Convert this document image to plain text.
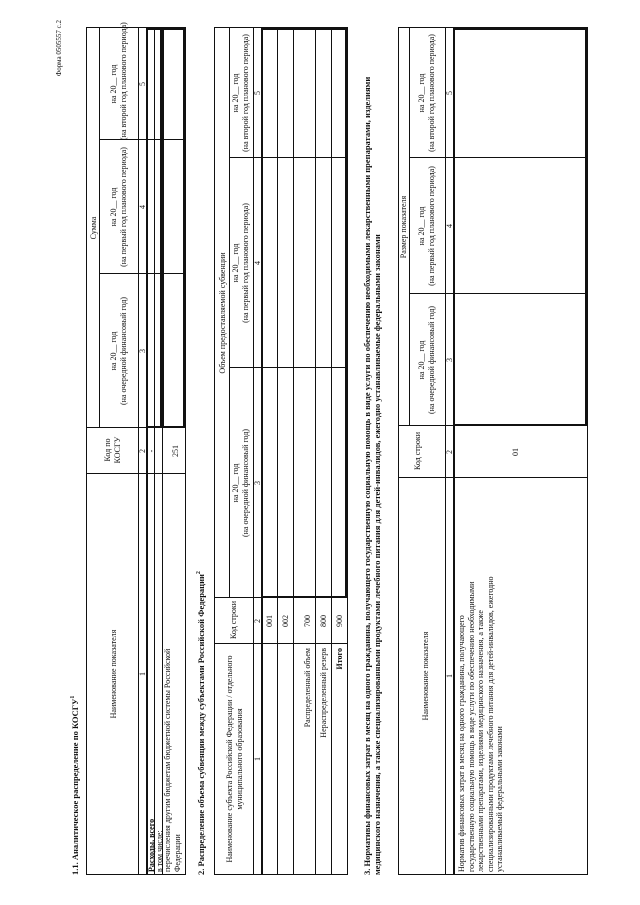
Форма 0505557 с.2
1.1. Аналитическое распределение по КОСГУ$^1$	Наименование показателя
Код по КОСГУ
Сумма
на 20__ год (на очередной финансовый год)
на 20__ год (на первый год планового периода)
на 20__ год (на второй год планового периода)
1
2
3
4
5
Расходы, всего
-
в том числе: перечисления другим бюджетам бюджетной системы Российской Федерации
251
2. Распределение объема субвенции между субъектами Российской Федерации$^2$
Наименование субъекта Российской Федерации / отдельного муниципального образования
Код строки
Объем предоставляемой субвенции
на 20__ год (на очередной финансовый год)
на 20__ год (на первый год планового периода)
на 20__ год (на второй год планового периода)
1
2
3
4
5
001 002
Распределенный объем
700
Нераспределенный резерв
800
Итого
900 3. Нормативы финансовых затрат в месяц на одного гражданина, получающего государственную социальную помощь в виде услуги по обеспечению необходимыми лекарственными препаратами, изделиями медицинского назначения, а также специализированными продуктами лечебного питания для детей-инвалидов, ежегодно устанавливаемые федеральными законами	Наименование показателя
Код строки
Размер показателя
на 20__ год (на очередной финансовый год)
на 20__ год (на первый год планового периода)
на 20__ год (на второй год планового периода)
1
2
3
4
5
Норматив финансовых затрат в месяц на одного гражданина, получающего государственную социальную помощь в виде услуги по обеспечению необходимыми лекарственными препаратами, изделиями медицинского назначения, а также специализированными продуктами лечебного питания для детей-инвалидов, ежегодно устанавливаемый федеральными законами
01
